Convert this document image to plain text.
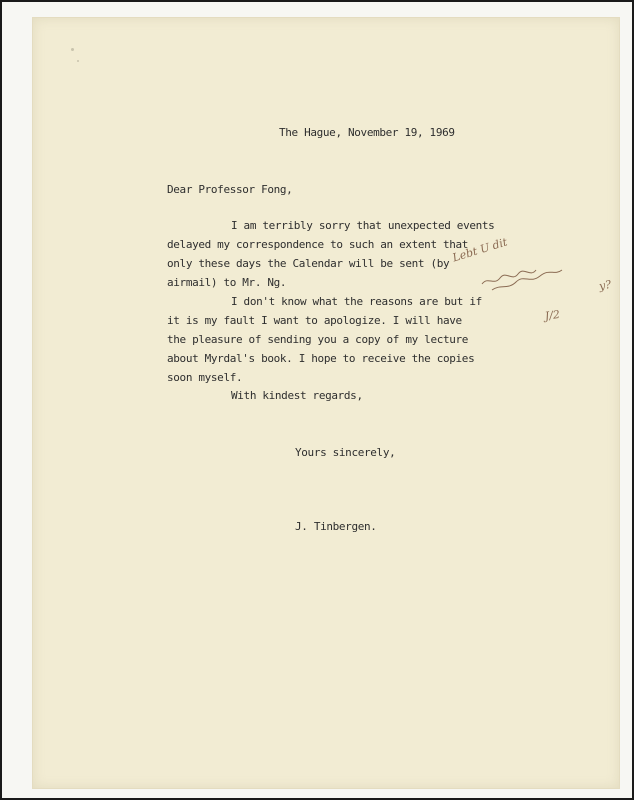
The Hague, November 19, 1969
Dear Professor Fong,
I am terribly sorry that unexpected events
delayed my correspondence to such an extent that
only these days the Calendar will be sent (by
airmail) to Mr. Ng.
I don't know what the reasons are but if
it is my fault I want to apologize. I will have
the pleasure of sending you a copy of my lecture
about Myrdal's book. I hope to receive the copies
soon myself.
With kindest regards,
Yours sincerely,
J. Tinbergen.
Lebt U dit
y?
J/2
